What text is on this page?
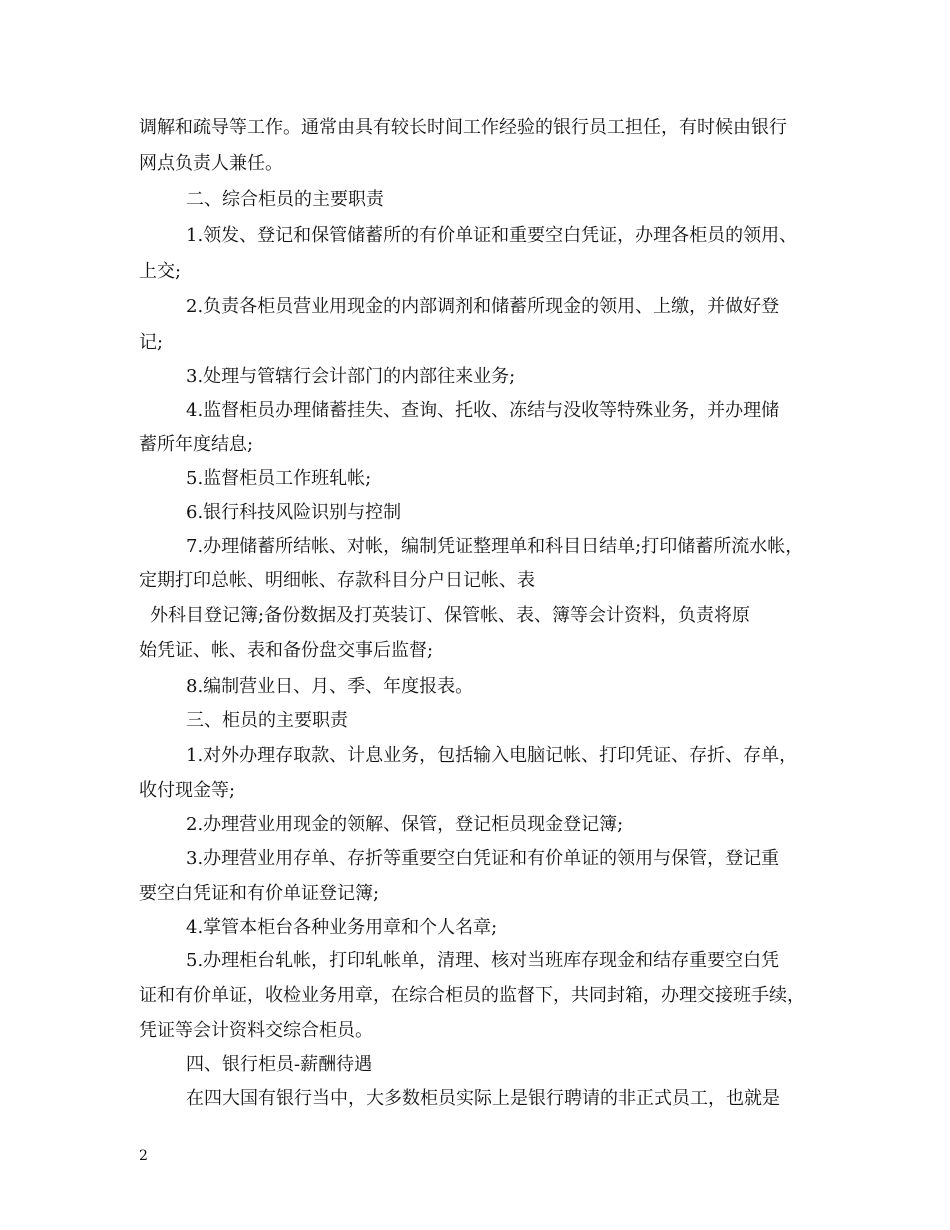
调解和疏导等工作。通常由具有较长时间工作经验的银行员工担任，有时候由银行
网点负责人兼任。
二、综合柜员的主要职责
1.领发、登记和保管储蓄所的有价单证和重要空白凭证，办理各柜员的领用、
上交;
2.负责各柜员营业用现金的内部调剂和储蓄所现金的领用、上缴，并做好登
记;
3.处理与管辖行会计部门的内部往来业务;
4.监督柜员办理储蓄挂失、查询、托收、冻结与没收等特殊业务，并办理储
蓄所年度结息;
5.监督柜员工作班轧帐;
6.银行科技风险识别与控制
7.办理储蓄所结帐、对帐，编制凭证整理单和科目日结单;打印储蓄所流水帐，
定期打印总帐、明细帐、存款科目分户日记帐、表
外科目登记簿;备份数据及打英装订、保管帐、表、簿等会计资料，负责将原
始凭证、帐、表和备份盘交事后监督;
8.编制营业日、月、季、年度报表。
三、柜员的主要职责
1.对外办理存取款、计息业务，包括输入电脑记帐、打印凭证、存折、存单，
收付现金等;
2.办理营业用现金的领解、保管，登记柜员现金登记簿;
3.办理营业用存单、存折等重要空白凭证和有价单证的领用与保管，登记重
要空白凭证和有价单证登记簿;
4.掌管本柜台各种业务用章和个人名章;
5.办理柜台轧帐，打印轧帐单，清理、核对当班库存现金和结存重要空白凭
证和有价单证，收检业务用章，在综合柜员的监督下，共同封箱，办理交接班手续，
凭证等会计资料交综合柜员。
四、银行柜员-薪酬待遇
在四大国有银行当中，大多数柜员实际上是银行聘请的非正式员工，也就是
2
